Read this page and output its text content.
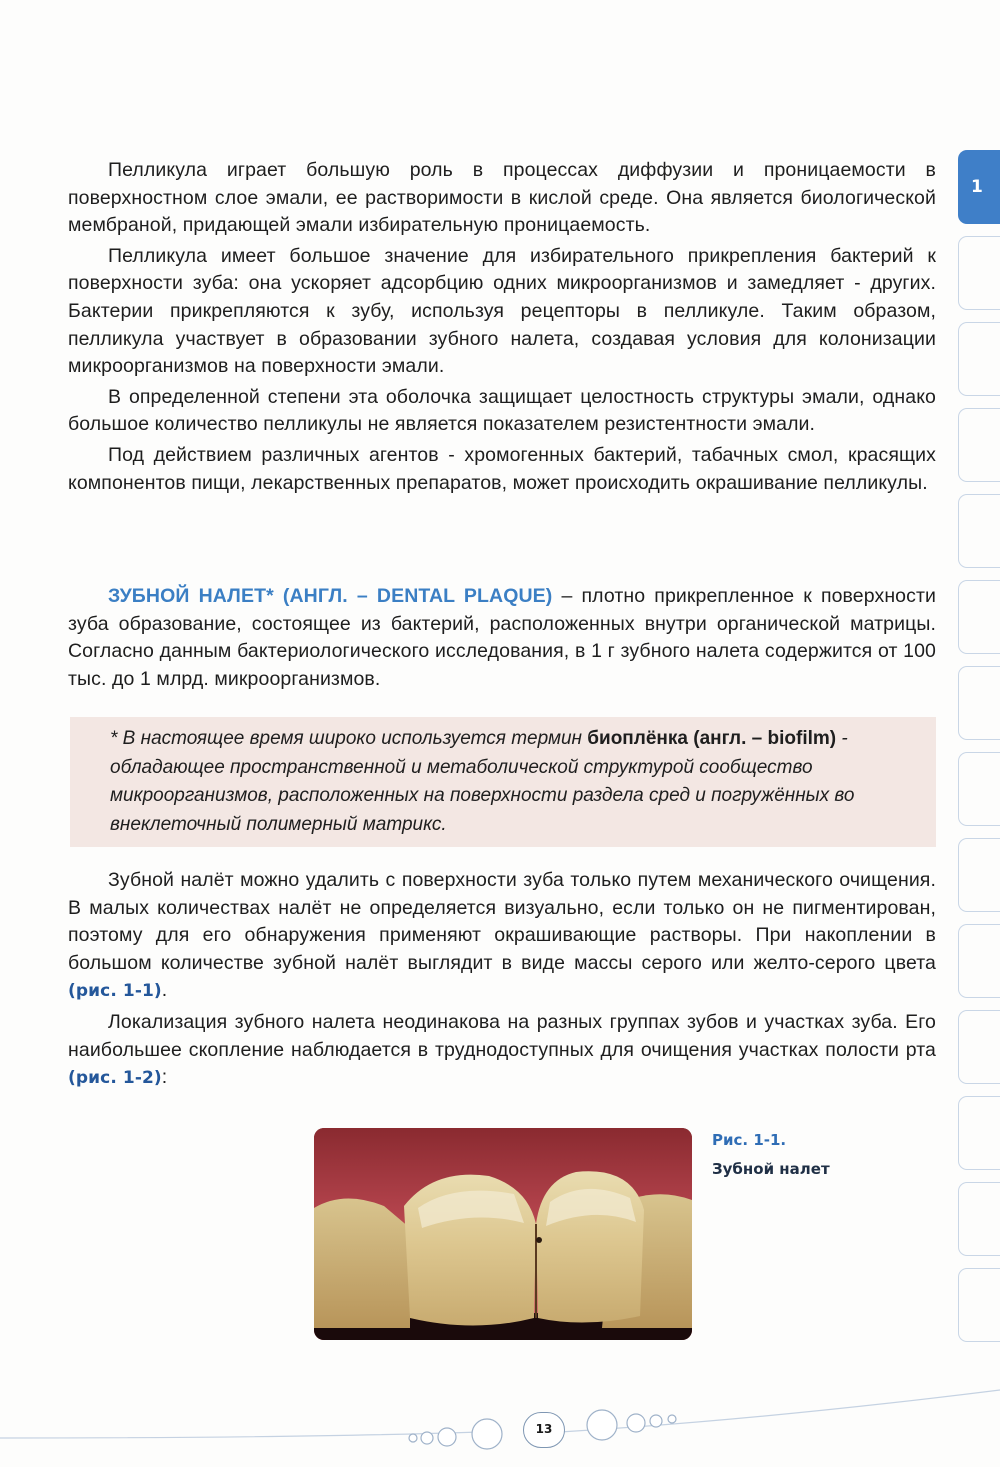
Пелликула играет большую роль в процессах диффузии и проницаемости в поверхностном слое эмали, ее растворимости в кислой среде. Она является биологической мембраной, придающей эмали избирательную проницаемость.

Пелликула имеет большое значение для избирательного прикрепления бактерий к поверхности зуба: она ускоряет адсорбцию одних микроорганизмов и замедляет - других. Бактерии прикрепляются к зубу, используя рецепторы в пелликуле. Таким образом, пелликула участвует в образовании зубного налета, создавая условия для колонизации микроорганизмов на поверхности эмали.

В определенной степени эта оболочка защищает целостность структуры эмали, однако большое количество пелликулы не является показателем резистентности эмали.

Под действием различных агентов - хромогенных бактерий, табачных смол, красящих компонентов пищи, лекарственных препаратов, может происходить окрашивание пелликулы.

ЗУБНОЙ НАЛЕТ* (АНГЛ. – DENTAL PLAQUE) – плотно прикрепленное к поверхности зуба образование, состоящее из бактерий, расположенных внутри органической матрицы. Согласно данным бактериологического исследования, в 1 г зубного налета содержится от 100 тыс. до 1 млрд. микроорганизмов.

* В настоящее время широко используется термин биоплёнка (англ. – biofilm) - обладающее пространственной и метаболической структурой сообщество микроорганизмов, расположенных на поверхности раздела сред и погружённых во внеклеточный полимерный матрикс.

Зубной налёт можно удалить с поверхности зуба только путем механического очищения. В малых количествах налёт не определяется визуально, если только он не пигментирован, поэтому для его обнаружения применяют окрашивающие растворы. При накоплении в большом количестве зубной налёт выглядит в виде массы серого или желто-серого цвета (рис. 1-1).

Локализация зубного налета неодинакова на разных группах зубов и участках зуба. Его наибольшее скопление наблюдается в труднодоступных для очищения участках полости рта (рис. 1-2):

Рис. 1-1.
Зубной налет
1
13
